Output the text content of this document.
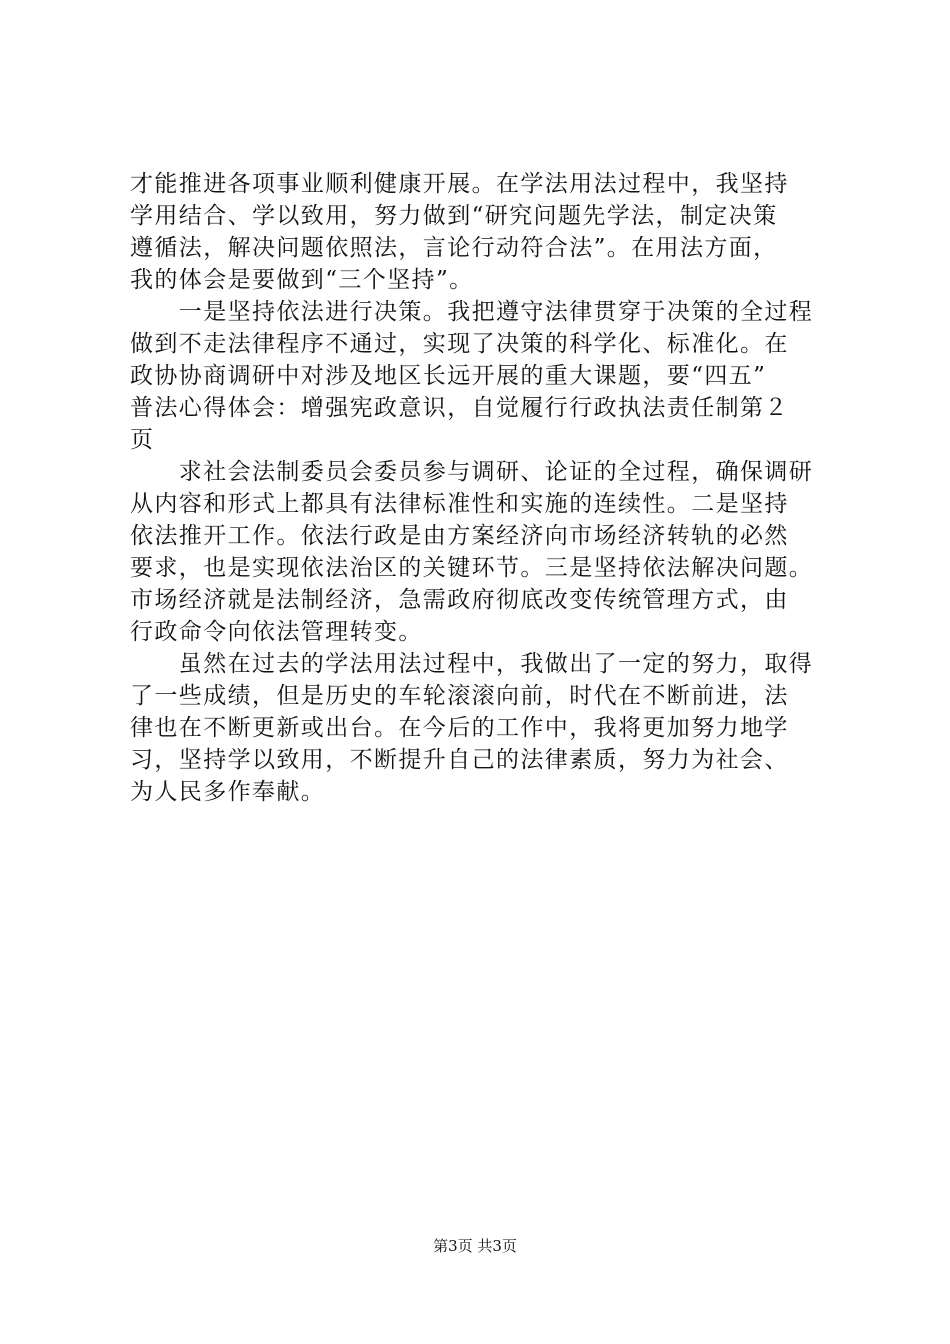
才能推进各项事业顺利健康开展。在学法用法过程中，我坚持
学用结合、学以致用，努力做到“研究问题先学法，制定决策
遵循法，解决问题依照法，言论行动符合法”。在用法方面，
我的体会是要做到“三个坚持”。
　　一是坚持依法进行决策。我把遵守法律贯穿于决策的全过程
做到不走法律程序不通过，实现了决策的科学化、标准化。在
政协协商调研中对涉及地区长远开展的重大课题，要“四五”
普法心得体会：增强宪政意识，自觉履行行政执法责任制第２
页
　　求社会法制委员会委员参与调研、论证的全过程，确保调研
从内容和形式上都具有法律标准性和实施的连续性。二是坚持
依法推开工作。依法行政是由方案经济向市场经济转轨的必然
要求，也是实现依法治区的关键环节。三是坚持依法解决问题。
市场经济就是法制经济，急需政府彻底改变传统管理方式，由
行政命令向依法管理转变。
　　虽然在过去的学法用法过程中，我做出了一定的努力，取得
了一些成绩，但是历史的车轮滚滚向前，时代在不断前进，法
律也在不断更新或出台。在今后的工作中，我将更加努力地学
习，坚持学以致用，不断提升自己的法律素质，努力为社会、
为人民多作奉献。
第3页 共3页
